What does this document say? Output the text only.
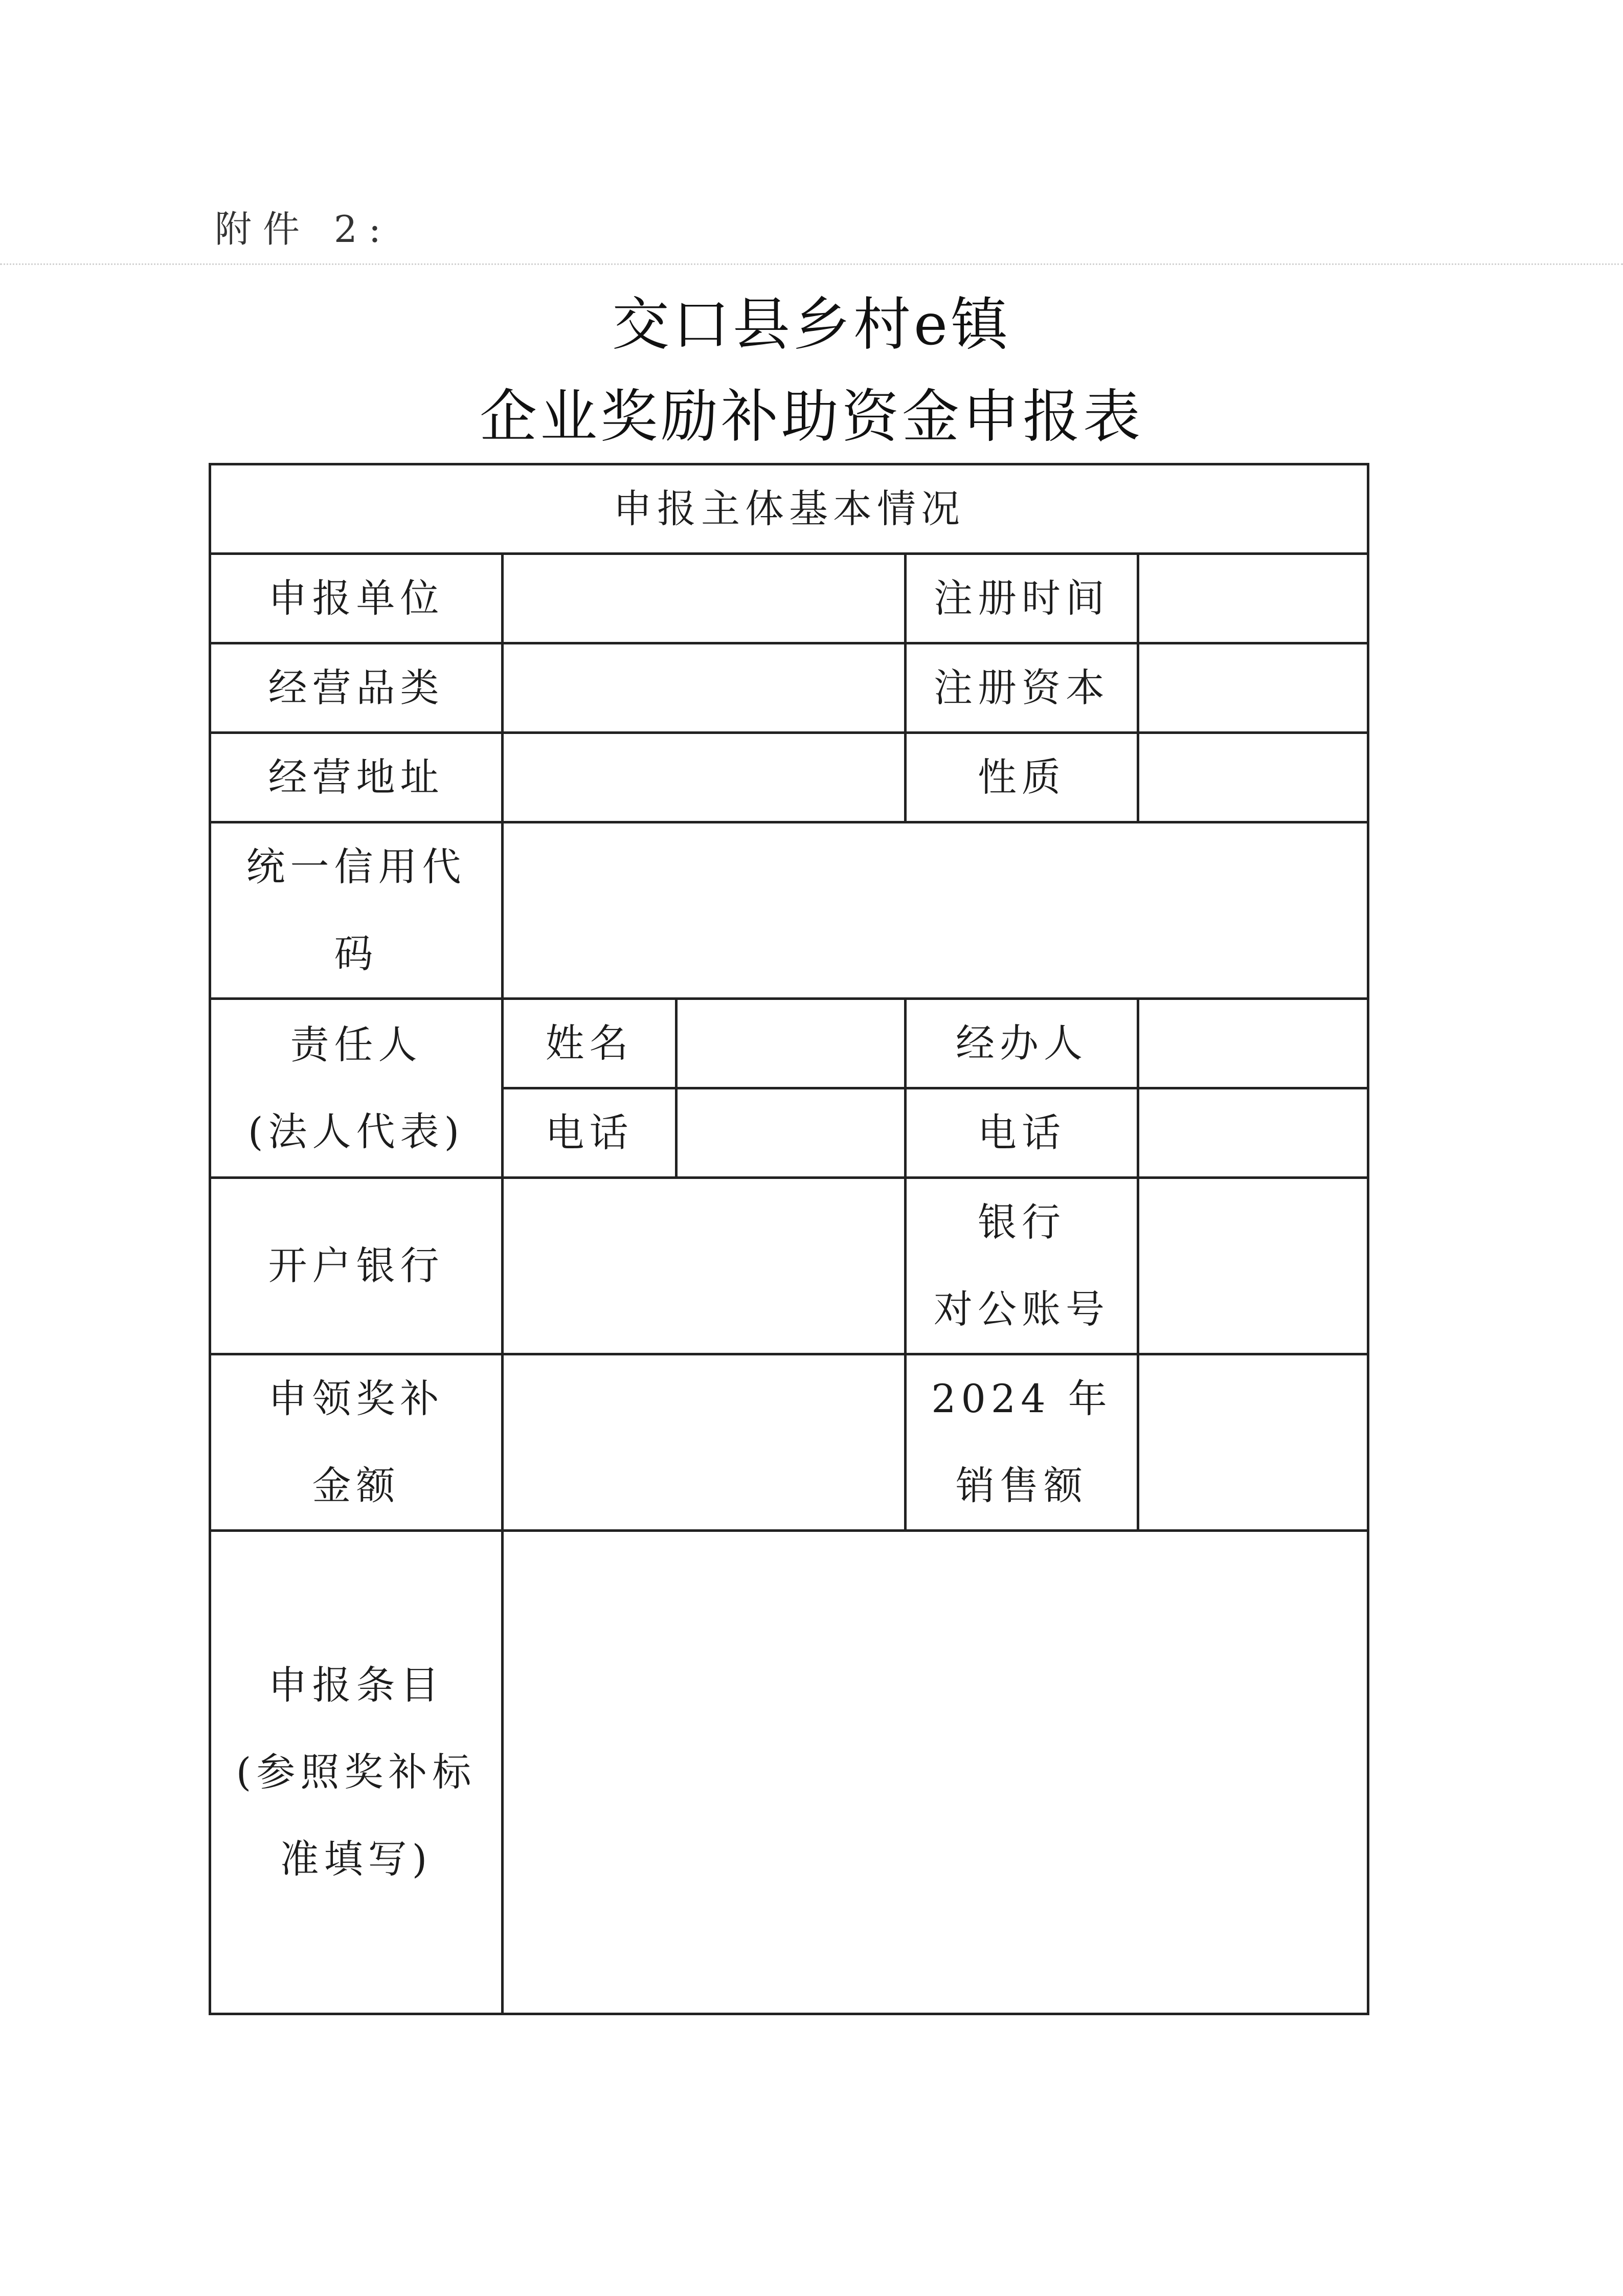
附件 2:
交口县乡村e镇
企业奖励补助资金申报表
申报主体基本情况				
申报单位			注册时间	
经营品类			注册资本	
经营地址			性质	

统一信用代
码				

责任人
(法人代表)	姓名		经办人	
	电话		电话	
开户银行			银行
对公账号	

申领奖补
金额			2024 年
销售额	

申报条目
(参照奖补标
准填写)				
